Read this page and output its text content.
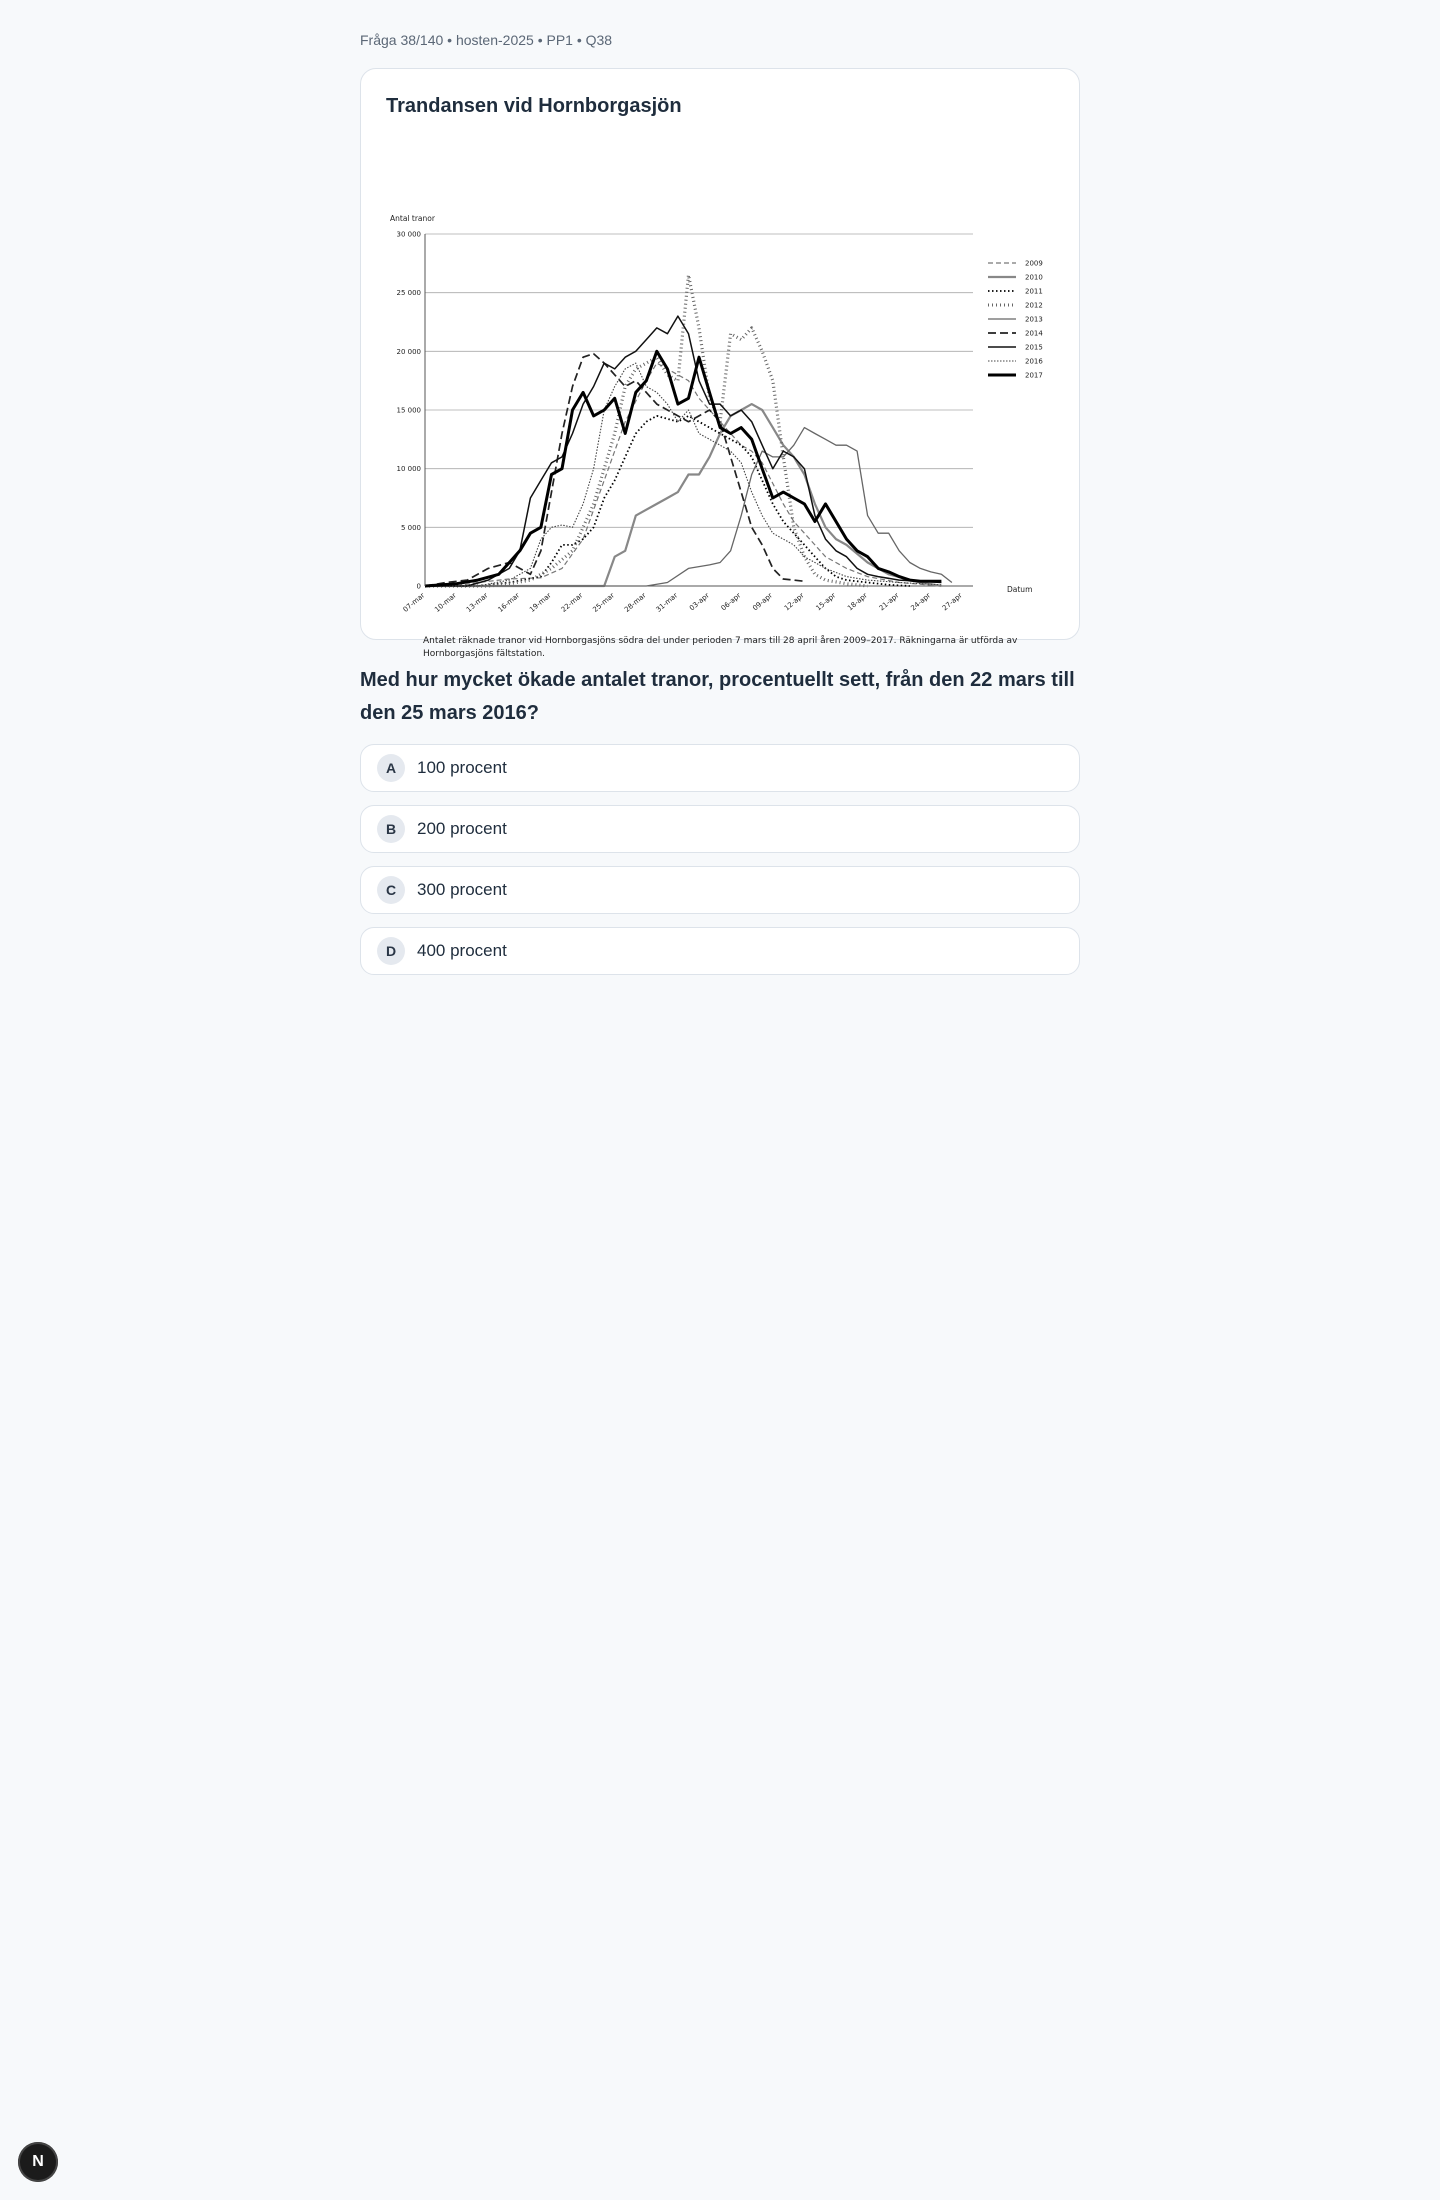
Fråga 38/140 • hosten-2025 • PP1 • Q38
Trandansen vid Hornborgasjön
0
5 000
10 000
15 000
20 000
25 000
30 000
07-mar 10-mar 13-mar 16-mar 19-mar 22-mar 25-mar 28-mar 31-mar 03-apr 06-apr 09-apr 12-apr 15-apr 18-apr 21-apr 24-apr 27-apr
2009
2010
2011
2012
2013
2014
2015
2016
2017
Antal tranor
Datum
Antalet räknade tranor vid Hornborgasjöns södra del under perioden 7 mars till 28 april åren 2009–2017. Räkningarna är utförda av Hornborgasjöns fältstation.
Med hur mycket ökade antalet tranor, procentuellt sett, från den 22 mars till den 25 mars 2016?
A	100 procent
B	200 procent
C	300 procent
D	400 procent
N
